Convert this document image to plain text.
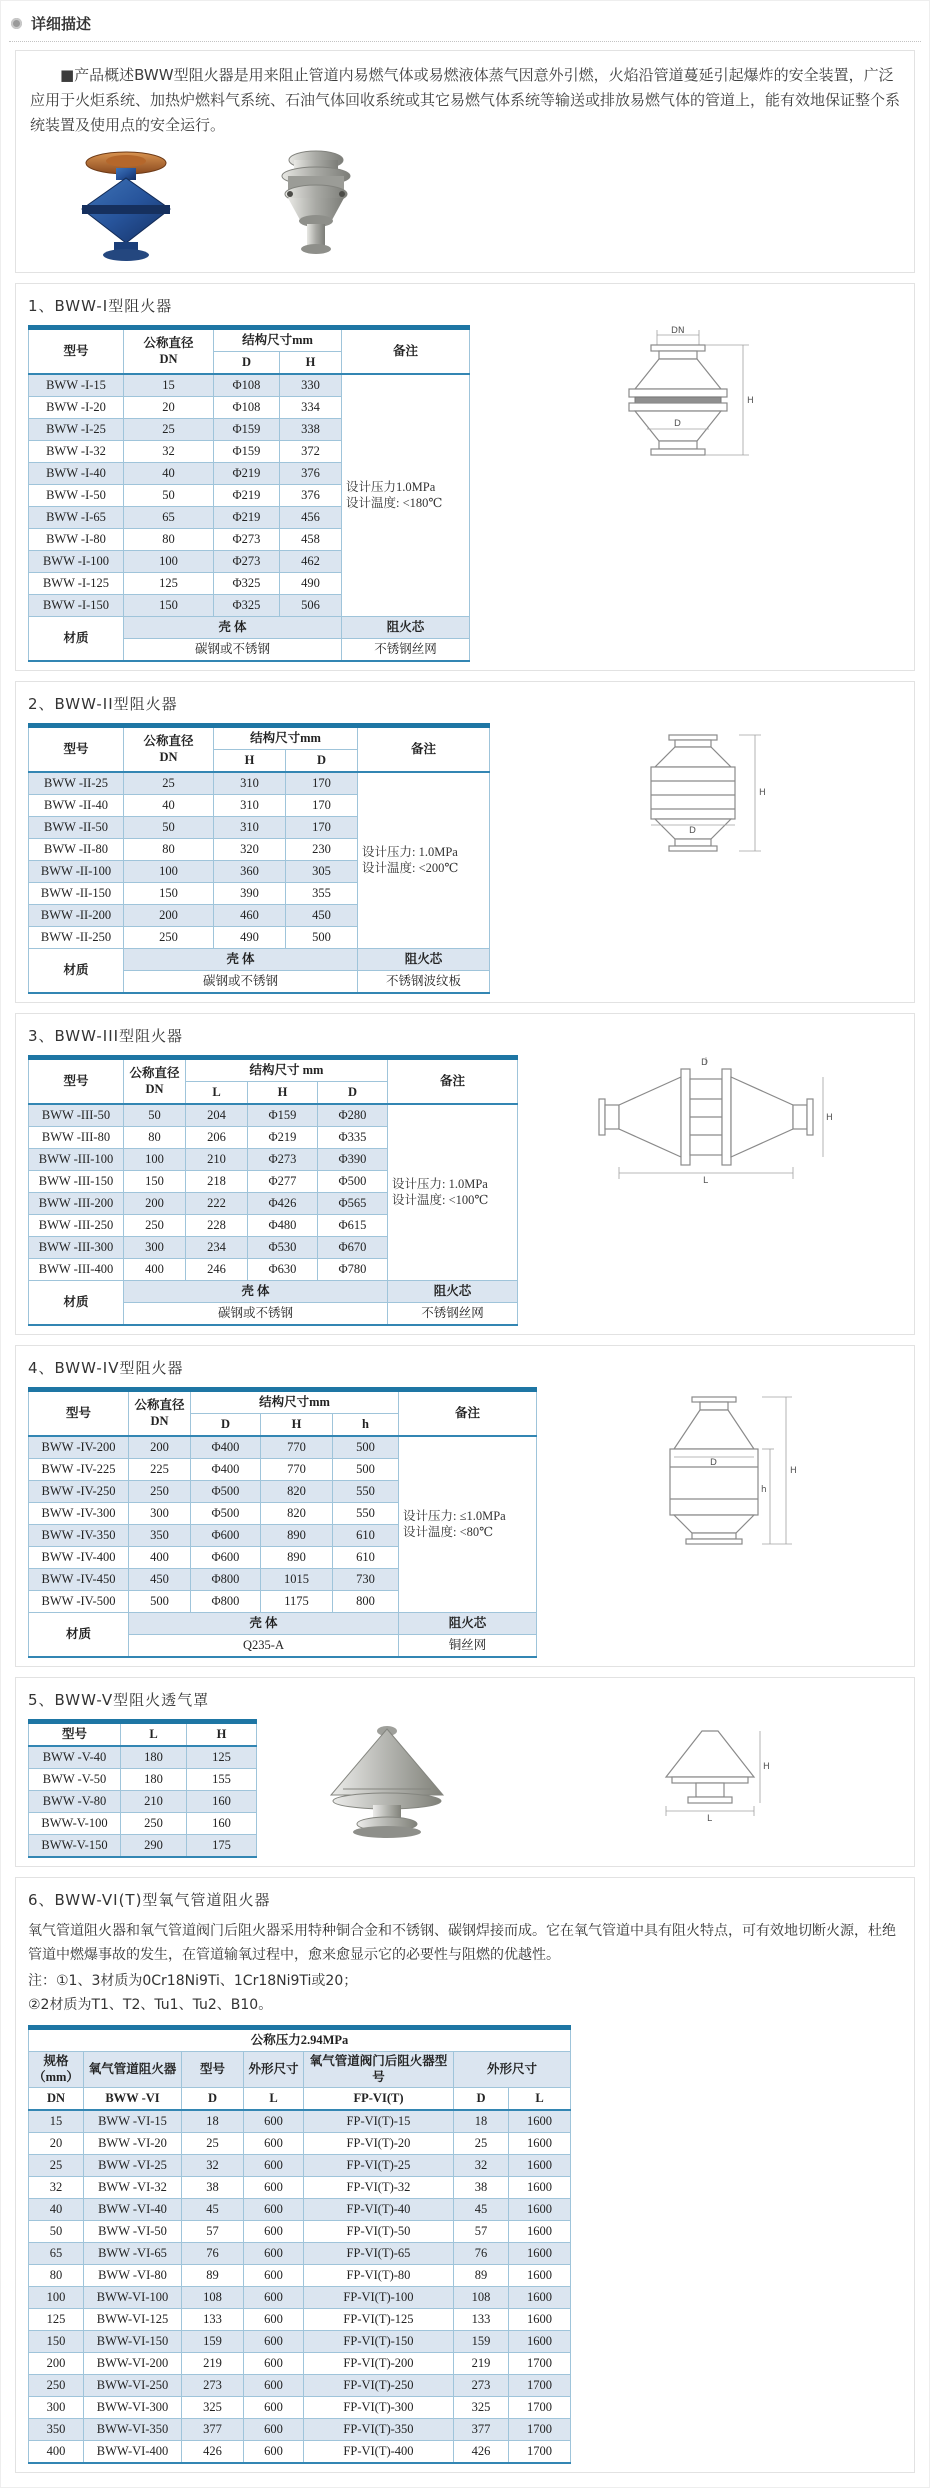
详细描述

■产品概述BWW型阻火器是用来阻止管道内易燃气体或易燃液体蒸气因意外引燃，火焰沿管道蔓延引起爆炸的安全装置，广泛应用于火炬系统、加热炉燃料气系统、石油气体回收系统或其它易燃气体系统等输送或排放易燃气体的管道上，能有效地保证整个系统装置及使用点的安全运行。

1、BWW-I型阻火器
型号	公称直径
DN	结构尺寸mm		备注
		D	H	
BWW -I-15	15	Φ108	330	设计压力1.0MPa
设计温度: <180℃
BWW -I-20	20	Φ108	334	
BWW -I-25	25	Φ159	338	
BWW -I-32	32	Φ159	372	
BWW -I-40	40	Φ219	376	
BWW -I-50	50	Φ219	376	
BWW -I-65	65	Φ219	456	
BWW -I-80	80	Φ273	458	
BWW -I-100	100	Φ273	462	
BWW -I-125	125	Φ325	490	
BWW -I-150	150	Φ325	506	
材质	壳 体			阻火芯
	碳钢或不锈钢			不锈钢丝网
DN
D
H
2、BWW-II型阻火器
型号	公称直径
DN	结构尺寸mm		备注
		H	D	
BWW -II-25	25	310	170	设计压力: 1.0MPa
设计温度: <200℃
BWW -II-40	40	310	170	
BWW -II-50	50	310	170	
BWW -II-80	80	320	230	
BWW -II-100	100	360	305	
BWW -II-150	150	390	355	
BWW -II-200	200	460	450	
BWW -II-250	250	490	500	
材质	壳 体			阻火芯
	碳钢或不锈钢			不锈钢波纹板
D
H
3、BWW-III型阻火器
型号	公称直径
DN	结构尺寸 mm			备注
		L	H	D	
BWW -III-50	50	204	Φ159	Φ280	设计压力: 1.0MPa
设计温度: <100℃
BWW -III-80	80	206	Φ219	Φ335	
BWW -III-100	100	210	Φ273	Φ390	
BWW -III-150	150	218	Φ277	Φ500	
BWW -III-200	200	222	Φ426	Φ565	
BWW -III-250	250	228	Φ480	Φ615	
BWW -III-300	300	234	Φ530	Φ670	
BWW -III-400	400	246	Φ630	Φ780	
材质	壳 体				阻火芯
	碳钢或不锈钢				不锈钢丝网
D
L
H
4、BWW-IV型阻火器
型号	公称直径
DN	结构尺寸mm			备注
		D	H	h	
BWW -IV-200	200	Φ400	770	500	设计压力: ≤1.0MPa
设计温度: <80℃
BWW -IV-225	225	Φ400	770	500	
BWW -IV-250	250	Φ500	820	550	
BWW -IV-300	300	Φ500	820	550	
BWW -IV-350	350	Φ600	890	610	
BWW -IV-400	400	Φ600	890	610	
BWW -IV-450	450	Φ800	1015	730	
BWW -IV-500	500	Φ800	1175	800	
材质	壳 体				阻火芯
	Q235-A				铜丝网
D
H
h
5、BWW-V型阻火透气罩
型号	L	H
BWW -V-40	180	125
BWW -V-50	180	155
BWW -V-80	210	160
BWW-V-100	250	160
BWW-V-150	290	175
L
H
6、BWW-VI(T)型氧气管道阻火器

氧气管道阻火器和氧气管道阀门后阻火器采用特种铜合金和不锈钢、碳钢焊接而成。它在氧气管道中具有阻火特点，可有效地切断火源，杜绝管道中燃爆事故的发生，在管道输氧过程中，愈来愈显示它的必要性与阻燃的优越性。

注：①1、3材质为0Cr18Ni9Ti、1Cr18Ni9Ti或20；

②2材质为T1、T2、Tu1、Tu2、B10。

公称压力2.94MPa						
规格（mm）	氧气管道阻火器	型号	外形尺寸	氧气管道阀门后阻火器型号	外形尺寸	
DN	BWW -VI	D	L	FP-VI(T)	D	L
15	BWW -VI-15	18	600	FP-VI(T)-15	18	1600
20	BWW -VI-20	25	600	FP-VI(T)-20	25	1600
25	BWW -VI-25	32	600	FP-VI(T)-25	32	1600
32	BWW -VI-32	38	600	FP-VI(T)-32	38	1600
40	BWW -VI-40	45	600	FP-VI(T)-40	45	1600
50	BWW -VI-50	57	600	FP-VI(T)-50	57	1600
65	BWW -VI-65	76	600	FP-VI(T)-65	76	1600
80	BWW -VI-80	89	600	FP-VI(T)-80	89	1600
100	BWW-VI-100	108	600	FP-VI(T)-100	108	1600
125	BWW-VI-125	133	600	FP-VI(T)-125	133	1600
150	BWW-VI-150	159	600	FP-VI(T)-150	159	1600
200	BWW-VI-200	219	600	FP-VI(T)-200	219	1700
250	BWW-VI-250	273	600	FP-VI(T)-250	273	1700
300	BWW-VI-300	325	600	FP-VI(T)-300	325	1700
350	BWW-VI-350	377	600	FP-VI(T)-350	377	1700
400	BWW-VI-400	426	600	FP-VI(T)-400	426	1700
